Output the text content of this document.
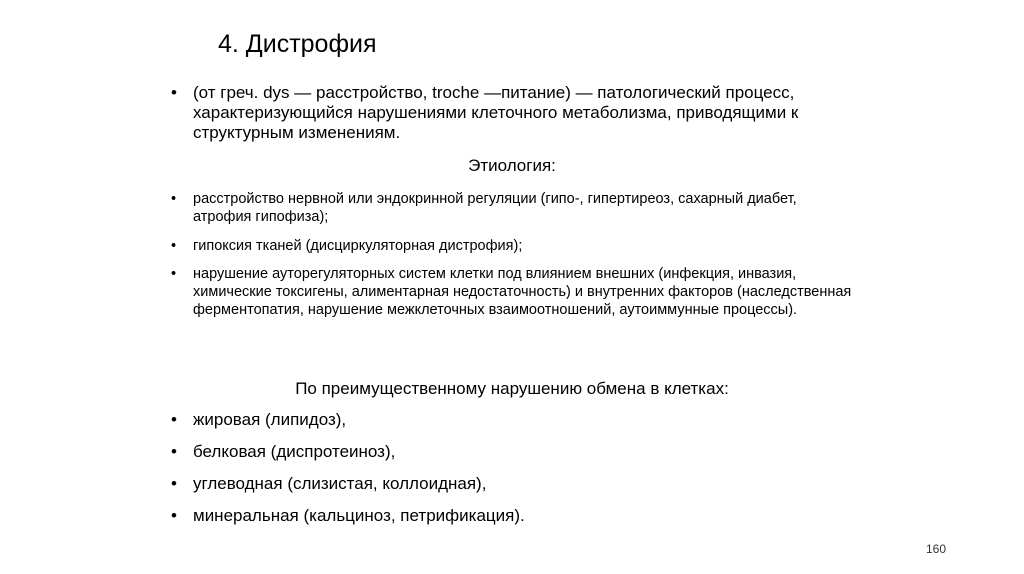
4. Дистрофия
• (от греч. dys — расстройство, troche —питание) — патологический процесс, характеризующийся нарушениями клеточного метаболизма, приводящими к структурным изменениям.
Этиология:
• расстройство нервной или эндокринной регуляции (гипо-, гипертиреоз, сахарный диабет, атрофия гипофиза);
• гипоксия тканей (дисциркуляторная дистрофия);
• нарушение ауторегуляторных систем клетки под влиянием внешних (инфекция, инвазия, химические токсигены, алиментарная недостаточность) и внутренних факторов (наследственная ферментопатия, нарушение межклеточных взаимоотношений, аутоиммунные процессы).
По преимущественному нарушению обмена в клетках:
• жировая (липидоз),
• белковая (диспротеиноз),
• углеводная (слизистая, коллоидная),
• минеральная (кальциноз, петрификация).
160
